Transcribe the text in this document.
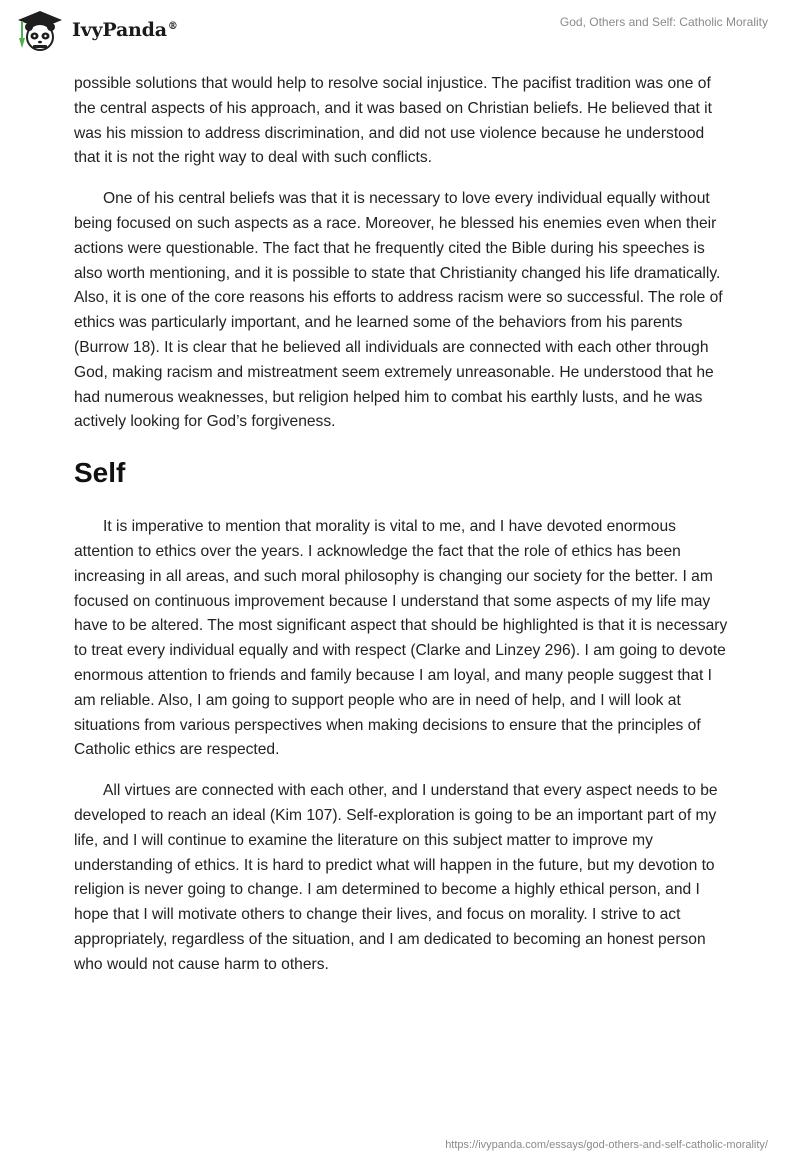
IvyPanda®	God, Others and Self: Catholic Morality

possible solutions that would help to resolve social injustice. The pacifist tradition was one of the central aspects of his approach, and it was based on Christian beliefs. He believed that it was his mission to address discrimination, and did not use violence because he understood that it is not the right way to deal with such conflicts.

One of his central beliefs was that it is necessary to love every individual equally without being focused on such aspects as a race. Moreover, he blessed his enemies even when their actions were questionable. The fact that he frequently cited the Bible during his speeches is also worth mentioning, and it is possible to state that Christianity changed his life dramatically. Also, it is one of the core reasons his efforts to address racism were so successful. The role of ethics was particularly important, and he learned some of the behaviors from his parents (Burrow 18). It is clear that he believed all individuals are connected with each other through God, making racism and mistreatment seem extremely unreasonable. He understood that he had numerous weaknesses, but religion helped him to combat his earthly lusts, and he was actively looking for God’s forgiveness.

Self

It is imperative to mention that morality is vital to me, and I have devoted enormous attention to ethics over the years. I acknowledge the fact that the role of ethics has been increasing in all areas, and such moral philosophy is changing our society for the better. I am focused on continuous improvement because I understand that some aspects of my life may have to be altered. The most significant aspect that should be highlighted is that it is necessary to treat every individual equally and with respect (Clarke and Linzey 296). I am going to devote enormous attention to friends and family because I am loyal, and many people suggest that I am reliable. Also, I am going to support people who are in need of help, and I will look at situations from various perspectives when making decisions to ensure that the principles of Catholic ethics are respected.

All virtues are connected with each other, and I understand that every aspect needs to be developed to reach an ideal (Kim 107). Self-exploration is going to be an important part of my life, and I will continue to examine the literature on this subject matter to improve my understanding of ethics. It is hard to predict what will happen in the future, but my devotion to religion is never going to change. I am determined to become a highly ethical person, and I hope that I will motivate others to change their lives, and focus on morality. I strive to act appropriately, regardless of the situation, and I am dedicated to becoming an honest person who would not cause harm to others.

https://ivypanda.com/essays/god-others-and-self-catholic-morality/
